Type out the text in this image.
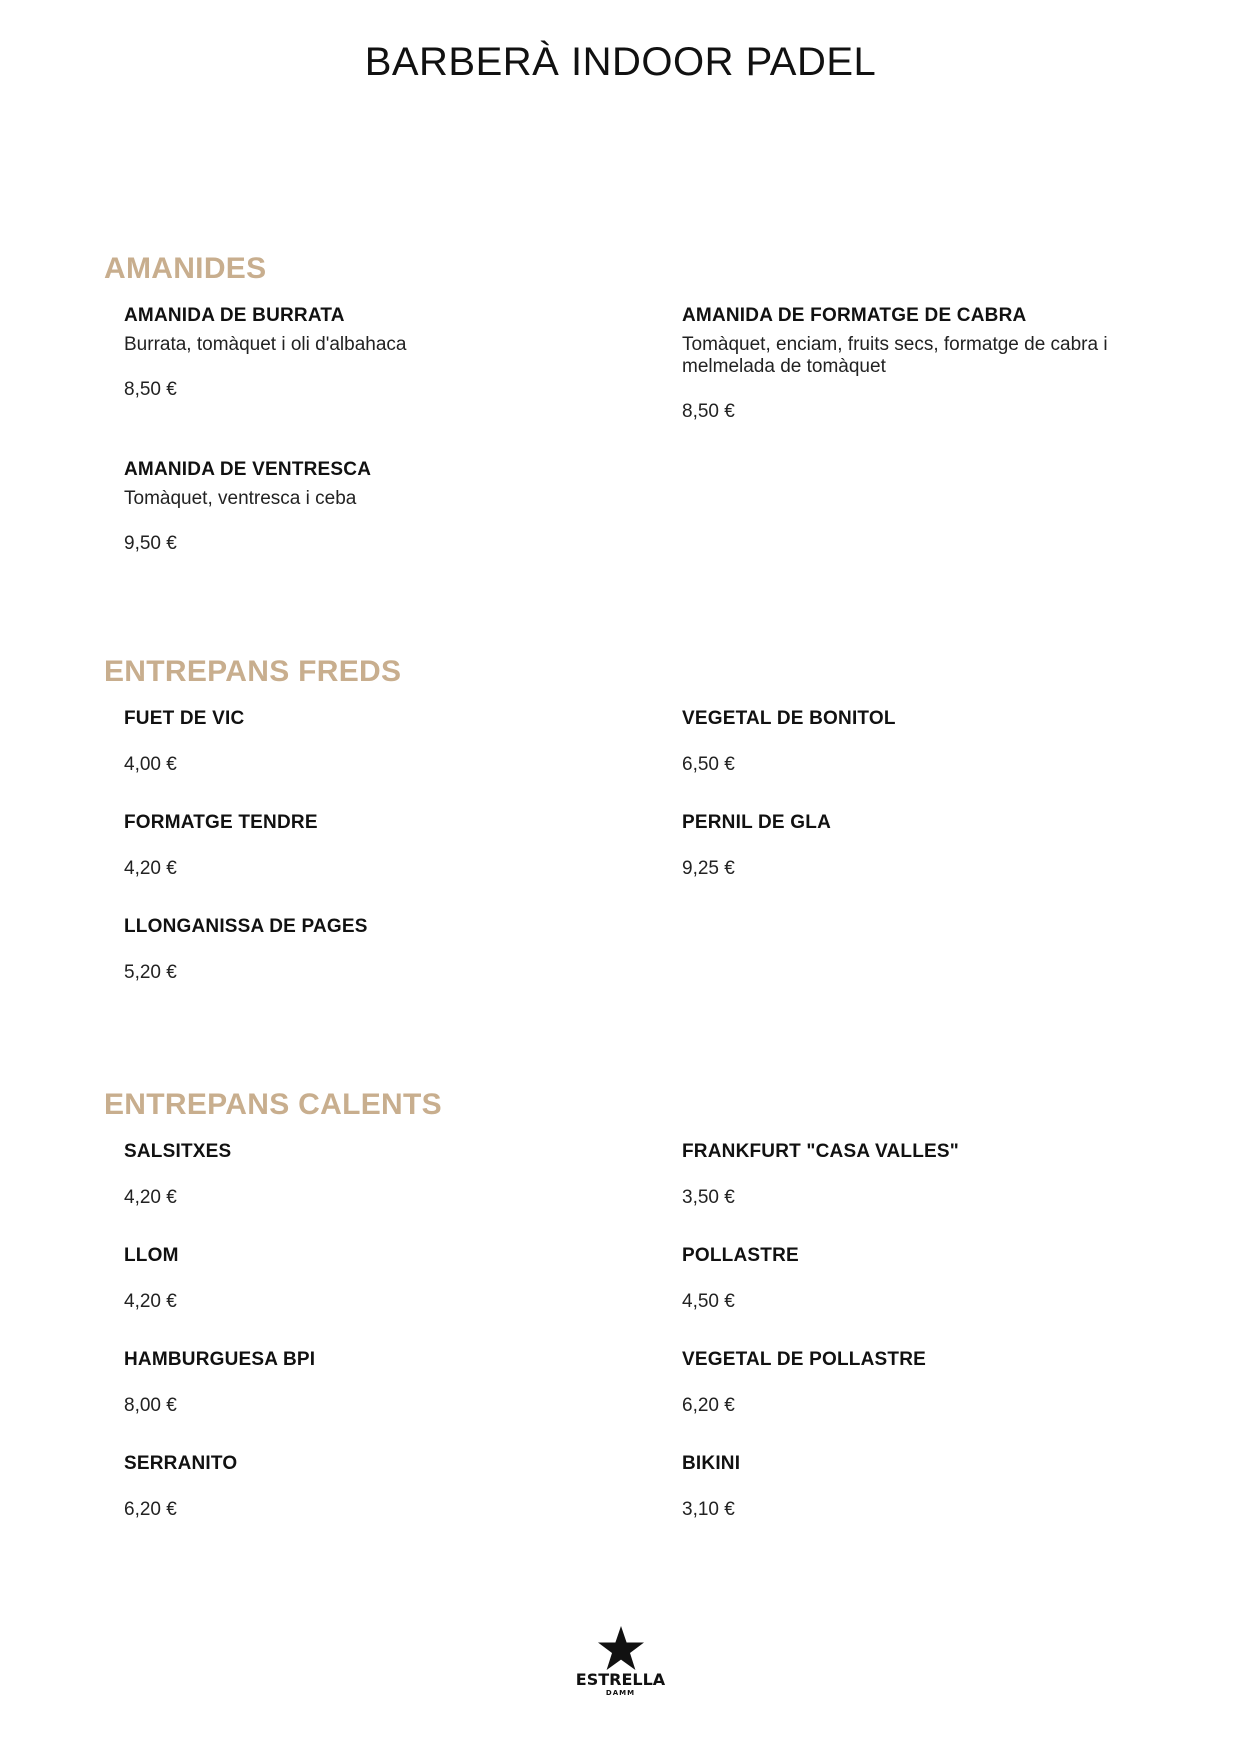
BARBERÀ INDOOR PADEL
AMANIDES

AMANIDA DE BURRATA

Burrata, tomàquet i oli d'albahaca

8,50 €

AMANIDA DE FORMATGE DE CABRA

Tomàquet, enciam, fruits secs, formatge de cabra i melmelada de tomàquet

8,50 €

AMANIDA DE VENTRESCA

Tomàquet, ventresca i ceba

9,50 €

ENTREPANS FREDS

FUET DE VIC

4,00 €

VEGETAL DE BONITOL

6,50 €

FORMATGE TENDRE

4,20 €

PERNIL DE GLA

9,25 €

LLONGANISSA DE PAGES

5,20 €

ENTREPANS CALENTS

SALSITXES

4,20 €

FRANKFURT "CASA VALLES"

3,50 €

LLOM

4,20 €

POLLASTRE

4,50 €

HAMBURGUESA BPI

8,00 €

VEGETAL DE POLLASTRE

6,20 €

SERRANITO

6,20 €

BIKINI

3,10 €

ESTRELLA
DAMM
